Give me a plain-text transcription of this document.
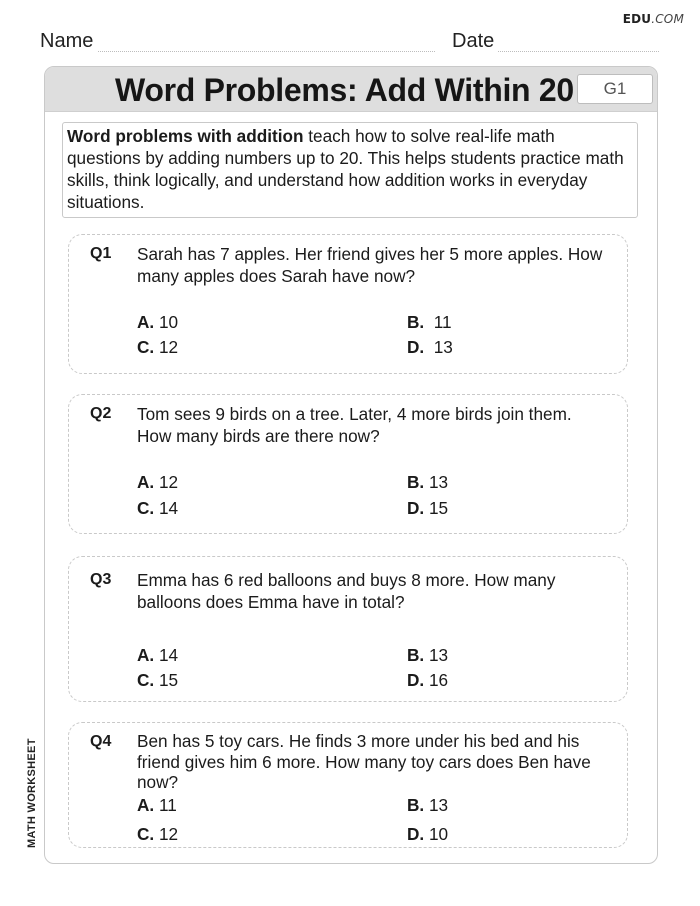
EDU.COM
Name	Date
Word Problems: Add Within 20	G1
Word problems with addition teach how to solve real-life math questions by adding numbers up to 20. This helps students practice math skills, think logically, and understand how addition works in everyday situations.
Q1 Sarah has 7 apples. Her friend gives her 5 more apples. How many apples does Sarah have now?
A. 10	B. 11
C. 12	D. 13
Q2 Tom sees 9 birds on a tree. Later, 4 more birds join them. How many birds are there now?
A. 12	B. 13
C. 14	D. 15
Q3 Emma has 6 red balloons and buys 8 more. How many balloons does Emma have in total?
A. 14	B. 13
C. 15	D. 16
Q4 Ben has 5 toy cars. He finds 3 more under his bed and his friend gives him 6 more. How many toy cars does Ben have now?
A. 11	B. 13
C. 12	D. 10
MATH WORKSHEET
